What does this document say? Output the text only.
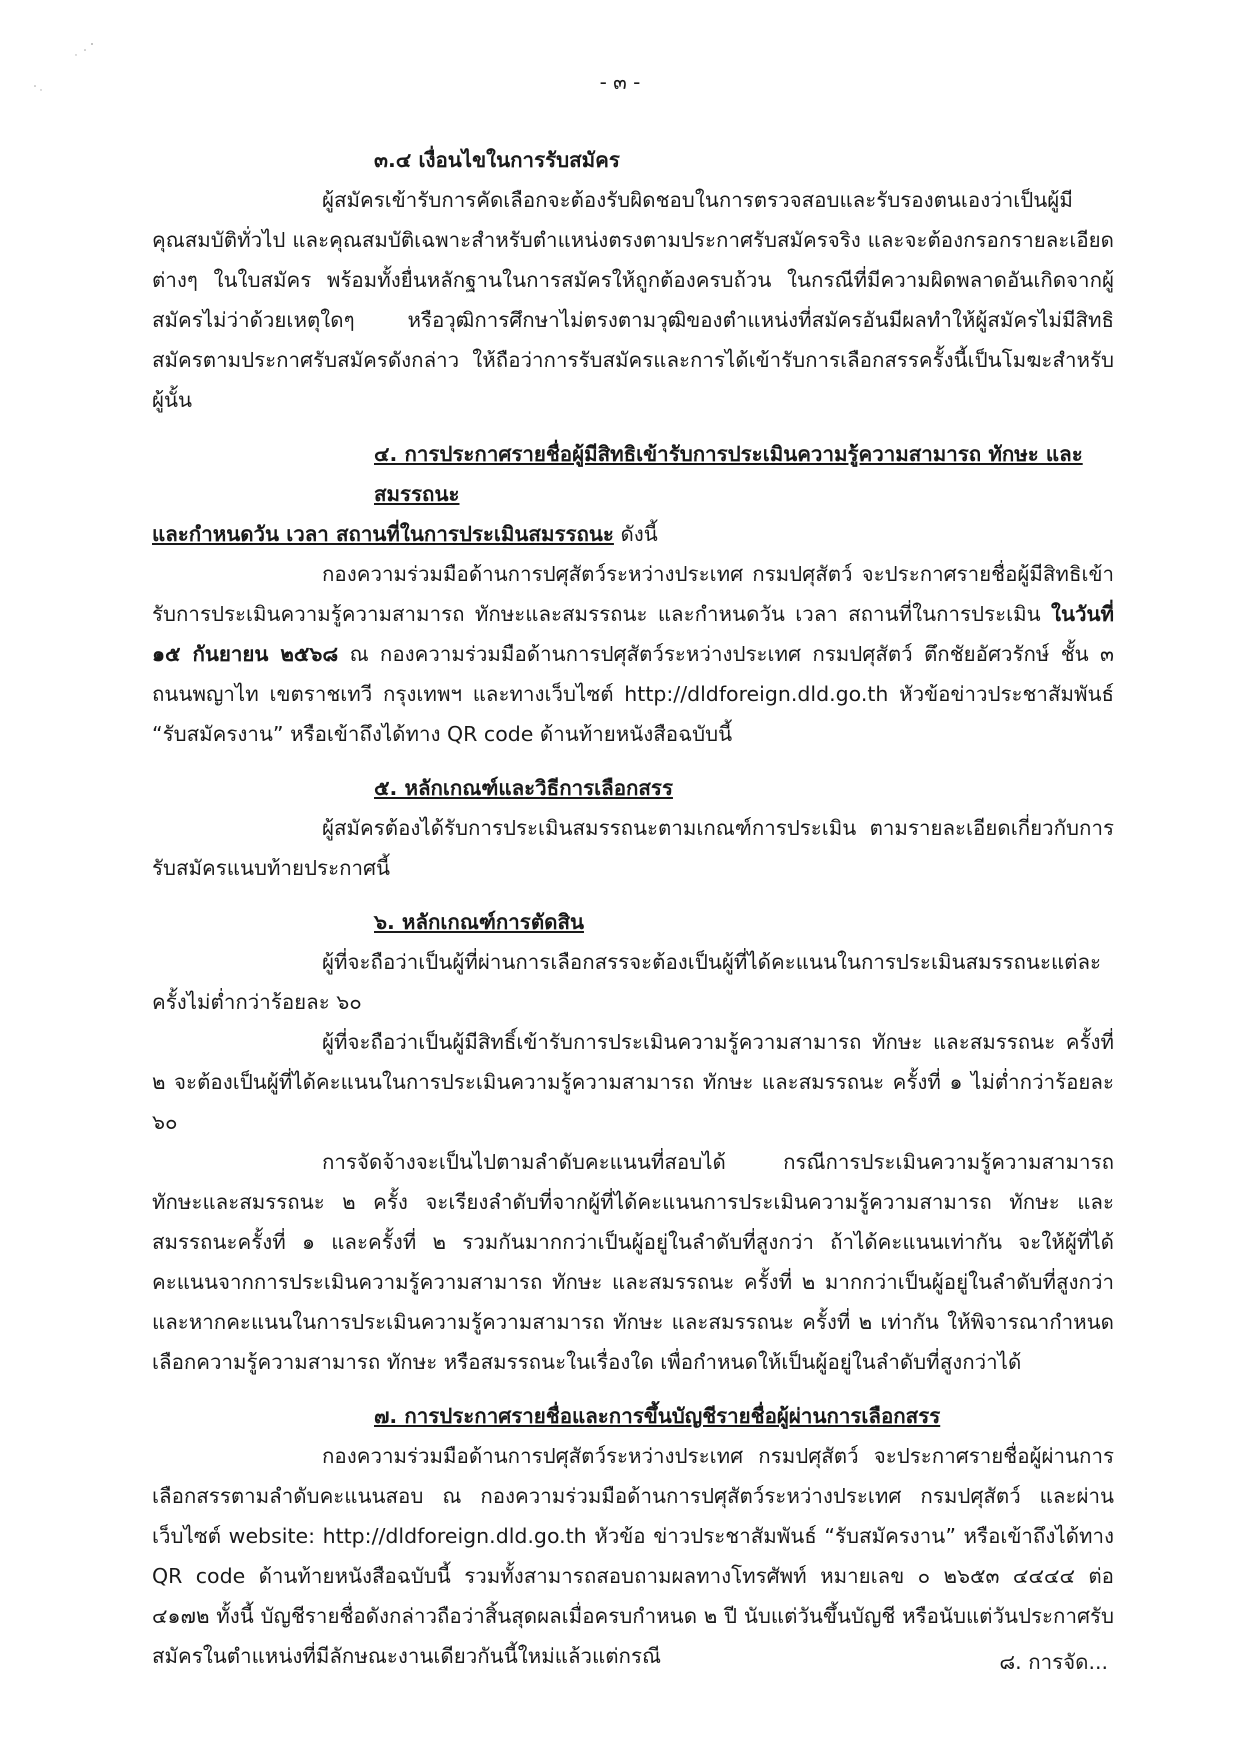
- ๓ -
๓.๔ เงื่อนไขในการรับสมัคร

ผู้สมัครเข้ารับการคัดเลือกจะต้องรับผิดชอบในการตรวจสอบและรับรองตนเองว่าเป็นผู้มีคุณสมบัติทั่วไป และคุณสมบัติเฉพาะสำหรับตำแหน่งตรงตามประกาศรับสมัครจริง และจะต้องกรอกรายละเอียดต่างๆ ในใบสมัคร พร้อมทั้งยื่นหลักฐานในการสมัครให้ถูกต้องครบถ้วน ในกรณีที่มีความผิดพลาดอันเกิดจากผู้สมัครไม่ว่าด้วยเหตุใดๆ หรือวุฒิการศึกษาไม่ตรงตามวุฒิของตำแหน่งที่สมัครอันมีผลทำให้ผู้สมัครไม่มีสิทธิสมัครตามประกาศรับสมัครดังกล่าว ให้ถือว่าการรับสมัครและการได้เข้ารับการเลือกสรรครั้งนี้เป็นโมฆะสำหรับผู้นั้น

๔. การประกาศรายชื่อผู้มีสิทธิเข้ารับการประเมินความรู้ความสามารถ ทักษะ และสมรรถนะ
และกำหนดวัน เวลา สถานที่ในการประเมินสมรรถนะ ดังนี้

กองความร่วมมือด้านการปศุสัตว์ระหว่างประเทศ กรมปศุสัตว์ จะประกาศรายชื่อผู้มีสิทธิเข้ารับการประเมินความรู้ความสามารถ ทักษะและสมรรถนะ และกำหนดวัน เวลา สถานที่ในการประเมิน ในวันที่ ๑๕ กันยายน ๒๕๖๘ ณ กองความร่วมมือด้านการปศุสัตว์ระหว่างประเทศ กรมปศุสัตว์ ตึกชัยอัศวรักษ์ ชั้น ๓ ถนนพญาไท เขตราชเทวี กรุงเทพฯ และทางเว็บไซต์ http://dldforeign.dld.go.th หัวข้อข่าวประชาสัมพันธ์ “รับสมัครงาน” หรือเข้าถึงได้ทาง QR code ด้านท้ายหนังสือฉบับนี้

๕. หลักเกณฑ์และวิธีการเลือกสรร

ผู้สมัครต้องได้รับการประเมินสมรรถนะตามเกณฑ์การประเมิน ตามรายละเอียดเกี่ยวกับการรับสมัครแนบท้ายประกาศนี้

๖. หลักเกณฑ์การตัดสิน

ผู้ที่จะถือว่าเป็นผู้ที่ผ่านการเลือกสรรจะต้องเป็นผู้ที่ได้คะแนนในการประเมินสมรรถนะแต่ละครั้งไม่ต่ำกว่าร้อยละ ๖๐

ผู้ที่จะถือว่าเป็นผู้มีสิทธิ์เข้ารับการประเมินความรู้ความสามารถ ทักษะ และสมรรถนะ ครั้งที่ ๒ จะต้องเป็นผู้ที่ได้คะแนนในการประเมินความรู้ความสามารถ ทักษะ และสมรรถนะ ครั้งที่ ๑ ไม่ต่ำกว่าร้อยละ ๖๐

การจัดจ้างจะเป็นไปตามลำดับคะแนนที่สอบได้ กรณีการประเมินความรู้ความสามารถ ทักษะและสมรรถนะ ๒ ครั้ง จะเรียงลำดับที่จากผู้ที่ได้คะแนนการประเมินความรู้ความสามารถ ทักษะ และสมรรถนะครั้งที่ ๑ และครั้งที่ ๒ รวมกันมากกว่าเป็นผู้อยู่ในลำดับที่สูงกว่า ถ้าได้คะแนนเท่ากัน จะให้ผู้ที่ได้คะแนนจากการประเมินความรู้ความสามารถ ทักษะ และสมรรถนะ ครั้งที่ ๒ มากกว่าเป็นผู้อยู่ในลำดับที่สูงกว่าและหากคะแนนในการประเมินความรู้ความสามารถ ทักษะ และสมรรถนะ ครั้งที่ ๒ เท่ากัน ให้พิจารณากำหนดเลือกความรู้ความสามารถ ทักษะ หรือสมรรถนะในเรื่องใด เพื่อกำหนดให้เป็นผู้อยู่ในลำดับที่สูงกว่าได้

๗. การประกาศรายชื่อและการขึ้นบัญชีรายชื่อผู้ผ่านการเลือกสรร

กองความร่วมมือด้านการปศุสัตว์ระหว่างประเทศ กรมปศุสัตว์ จะประกาศรายชื่อผู้ผ่านการเลือกสรรตามลำดับคะแนนสอบ ณ กองความร่วมมือด้านการปศุสัตว์ระหว่างประเทศ กรมปศุสัตว์ และผ่านเว็บไซต์ website: http://dldforeign.dld.go.th หัวข้อ ข่าวประชาสัมพันธ์ “รับสมัครงาน” หรือเข้าถึงได้ทาง QR code ด้านท้ายหนังสือฉบับนี้ รวมทั้งสามารถสอบถามผลทางโทรศัพท์ หมายเลข ๐ ๒๖๕๓ ๔๔๔๔ ต่อ ๔๑๗๒ ทั้งนี้ บัญชีรายชื่อดังกล่าวถือว่าสิ้นสุดผลเมื่อครบกำหนด ๒ ปี นับแต่วันขึ้นบัญชี หรือนับแต่วันประกาศรับสมัครในตำแหน่งที่มีลักษณะงานเดียวกันนี้ใหม่แล้วแต่กรณี	๘. การจัด...
